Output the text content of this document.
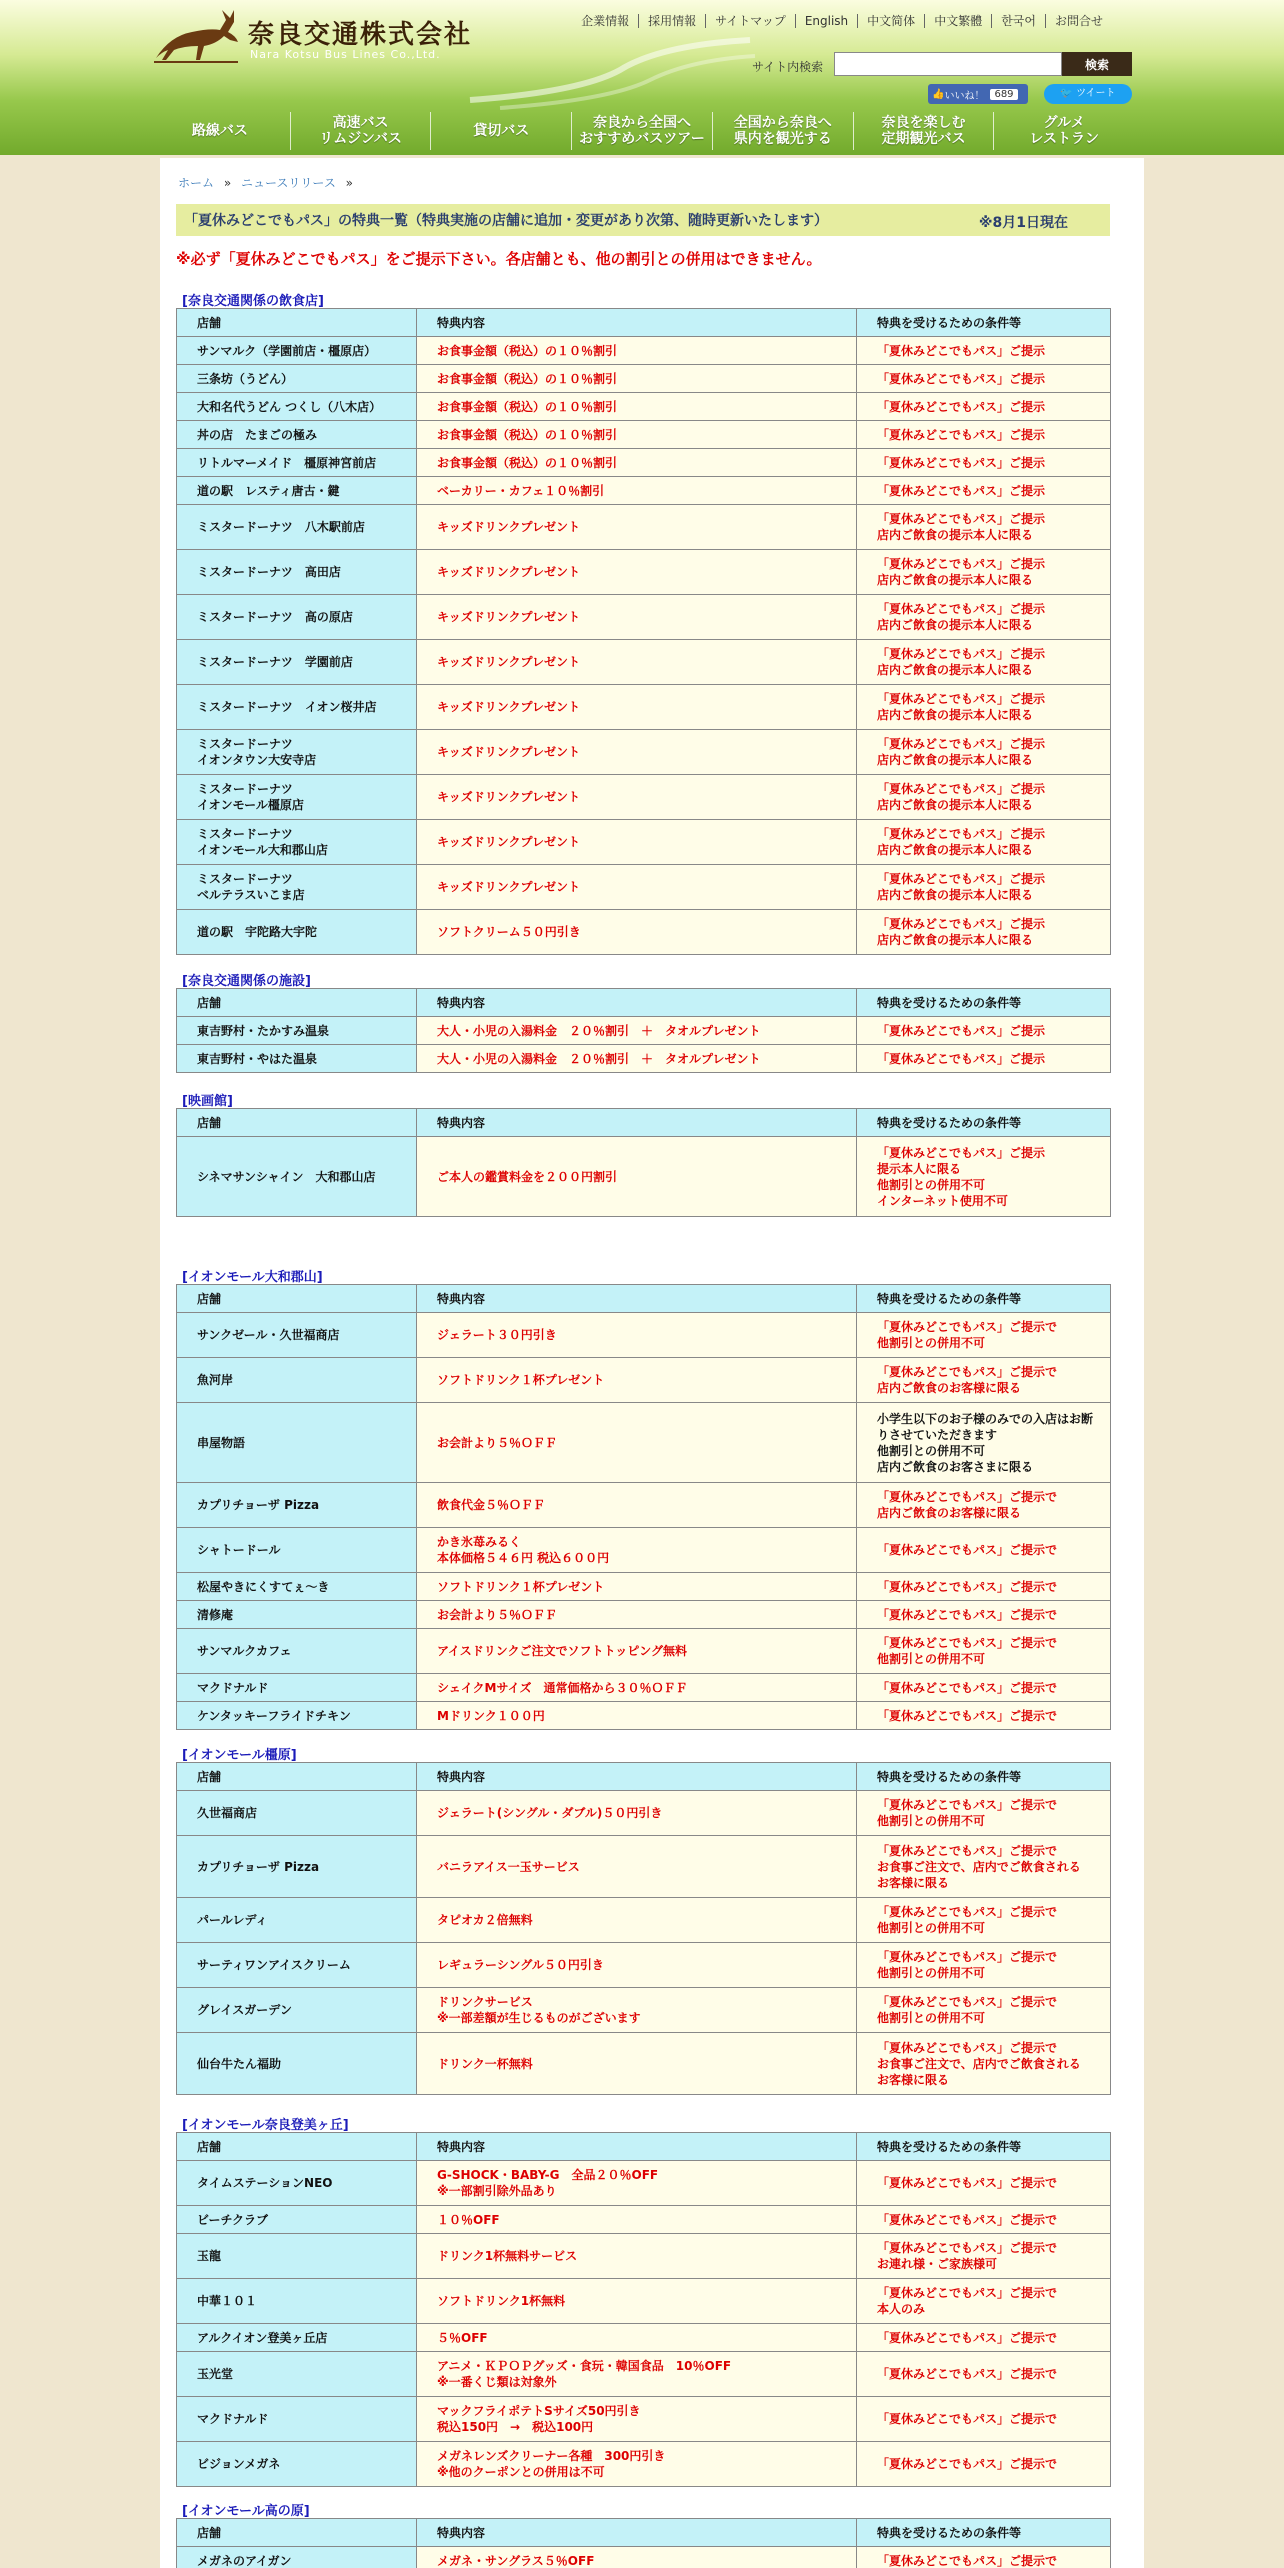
奈良交通株式会社
Nara Kotsu Bus Lines Co.,Ltd.
企業情報	採用情報	サイトマップ	English	中文简体	中文繁體	한국어	お問合せ
サイト内検索	検索
👍 いいね！	689	🐦 ツイート
路線バス	高速バス
リムジンバス	貸切バス	奈良から全国へ
おすすめバスツアー
全国から奈良へ
県内を観光する
奈良を楽しむ
定期観光バス
グルメ
レストラン
ホーム » ニュースリリース »
「夏休みどこでもパス」の特典一覧（特典実施の店舗に追加・変更があり次第、随時更新いたします）	※8月1日現在
※必ず「夏休みどこでもパス」をご提示下さい。各店舗とも、他の割引との併用はできません。
[奈良交通関係の飲食店]
店舗	特典内容	特典を受けるための条件等
サンマルク（学園前店・橿原店）	お食事金額（税込）の１０％割引	「夏休みどこでもパス」ご提示
三条坊（うどん）	お食事金額（税込）の１０％割引	「夏休みどこでもパス」ご提示
大和名代うどん つくし（八木店）	お食事金額（税込）の１０％割引	「夏休みどこでもパス」ご提示
丼の店　たまごの極み	お食事金額（税込）の１０％割引	「夏休みどこでもパス」ご提示
リトルマーメイド　橿原神宮前店	お食事金額（税込）の１０％割引	「夏休みどこでもパス」ご提示
道の駅　レスティ唐古・鍵	ベーカリー・カフェ１０％割引	「夏休みどこでもパス」ご提示
ミスタードーナツ　八木駅前店	キッズドリンクプレゼント	「夏休みどこでもパス」ご提示
店内ご飲食の提示本人に限る
ミスタードーナツ　高田店	キッズドリンクプレゼント	「夏休みどこでもパス」ご提示
店内ご飲食の提示本人に限る
ミスタードーナツ　高の原店	キッズドリンクプレゼント	「夏休みどこでもパス」ご提示
店内ご飲食の提示本人に限る
ミスタードーナツ　学園前店	キッズドリンクプレゼント	「夏休みどこでもパス」ご提示
店内ご飲食の提示本人に限る
ミスタードーナツ　イオン桜井店	キッズドリンクプレゼント	「夏休みどこでもパス」ご提示
店内ご飲食の提示本人に限る
ミスタードーナツ
イオンタウン大安寺店	キッズドリンクプレゼント	「夏休みどこでもパス」ご提示
店内ご飲食の提示本人に限る
ミスタードーナツ
イオンモール橿原店	キッズドリンクプレゼント	「夏休みどこでもパス」ご提示
店内ご飲食の提示本人に限る
ミスタードーナツ
イオンモール大和郡山店	キッズドリンクプレゼント	「夏休みどこでもパス」ご提示
店内ご飲食の提示本人に限る
ミスタードーナツ
ベルテラスいこま店	キッズドリンクプレゼント	「夏休みどこでもパス」ご提示
店内ご飲食の提示本人に限る
道の駅　宇陀路大宇陀	ソフトクリーム５０円引き	「夏休みどこでもパス」ご提示
店内ご飲食の提示本人に限る
[奈良交通関係の施設]
店舗	特典内容	特典を受けるための条件等
東吉野村・たかすみ温泉	大人・小児の入湯料金　２０％割引　＋　タオルプレゼント	「夏休みどこでもパス」ご提示
東吉野村・やはた温泉	大人・小児の入湯料金　２０％割引　＋　タオルプレゼント	「夏休みどこでもパス」ご提示
[映画館]
店舗	特典内容	特典を受けるための条件等
シネマサンシャイン　大和郡山店	ご本人の鑑賞料金を２００円割引	「夏休みどこでもパス」ご提示
提示本人に限る
他割引との併用不可
インターネット使用不可
[イオンモール大和郡山]
店舗	特典内容	特典を受けるための条件等
サンクゼール・久世福商店	ジェラート３０円引き	「夏休みどこでもパス」ご提示で
他割引との併用不可
魚河岸	ソフトドリンク１杯プレゼント	「夏休みどこでもパス」ご提示で
店内ご飲食のお客様に限る
串屋物語	お会計より５％ＯＦＦ	小学生以下のお子様のみでの入店はお断りさせていただきます
他割引との併用不可
店内ご飲食のお客さまに限る
カプリチョーザ Pizza	飲食代金５％ＯＦＦ	「夏休みどこでもパス」ご提示で
店内ご飲食のお客様に限る
シャトードール	かき氷苺みるく
本体価格５４６円 税込６００円	「夏休みどこでもパス」ご提示で
松屋やきにくすてぇ～き	ソフトドリンク１杯プレゼント	「夏休みどこでもパス」ご提示で
清修庵	お会計より５％ＯＦＦ	「夏休みどこでもパス」ご提示で
サンマルクカフェ	アイスドリンクご注文でソフトトッピング無料	「夏休みどこでもパス」ご提示で
他割引との併用不可
マクドナルド	シェイクMサイズ　通常価格から３０％ＯＦＦ	「夏休みどこでもパス」ご提示で
ケンタッキーフライドチキン	Mドリンク１００円	「夏休みどこでもパス」ご提示で
[イオンモール橿原]
店舗	特典内容	特典を受けるための条件等
久世福商店	ジェラート(シングル・ダブル)５０円引き	「夏休みどこでもパス」ご提示で
他割引との併用不可
カプリチョーザ Pizza	バニラアイス一玉サービス	「夏休みどこでもパス」ご提示で
お食事ご注文で、店内でご飲食される
お客様に限る
パールレディ	タピオカ２倍無料	「夏休みどこでもパス」ご提示で
他割引との併用不可
サーティワンアイスクリーム	レギュラーシングル５０円引き	「夏休みどこでもパス」ご提示で
他割引との併用不可
グレイスガーデン	ドリンクサービス
※一部差額が生じるものがございます	「夏休みどこでもパス」ご提示で
他割引との併用不可
仙台牛たん福助	ドリンク一杯無料	「夏休みどこでもパス」ご提示で
お食事ご注文で、店内でご飲食される
お客様に限る
[イオンモール奈良登美ヶ丘]
店舗	特典内容	特典を受けるための条件等
タイムステーションNEO	G-SHOCK・BABY-G　全品２０％OFF
※一部割引除外品あり	「夏休みどこでもパス」ご提示で
ビーチクラブ	１０％OFF	「夏休みどこでもパス」ご提示で
玉龍	ドリンク1杯無料サービス	「夏休みどこでもパス」ご提示で
お連れ様・ご家族様可
中華１０１	ソフトドリンク1杯無料	「夏休みどこでもパス」ご提示で
本人のみ
アルクイオン登美ヶ丘店	５％OFF	「夏休みどこでもパス」ご提示で
玉光堂	アニメ・ＫＰＯＰグッズ・食玩・韓国食品　10％OFF
※一番くじ類は対象外	「夏休みどこでもパス」ご提示で
マクドナルド	マックフライポテトSサイズ50円引き
税込150円　→　税込100円	「夏休みどこでもパス」ご提示で
ビジョンメガネ	メガネレンズクリーナー各種　300円引き
※他のクーポンとの併用は不可	「夏休みどこでもパス」ご提示で
[イオンモール高の原]
店舗	特典内容	特典を受けるための条件等
メガネのアイガン	メガネ・サングラス５％OFF	「夏休みどこでもパス」ご提示で
